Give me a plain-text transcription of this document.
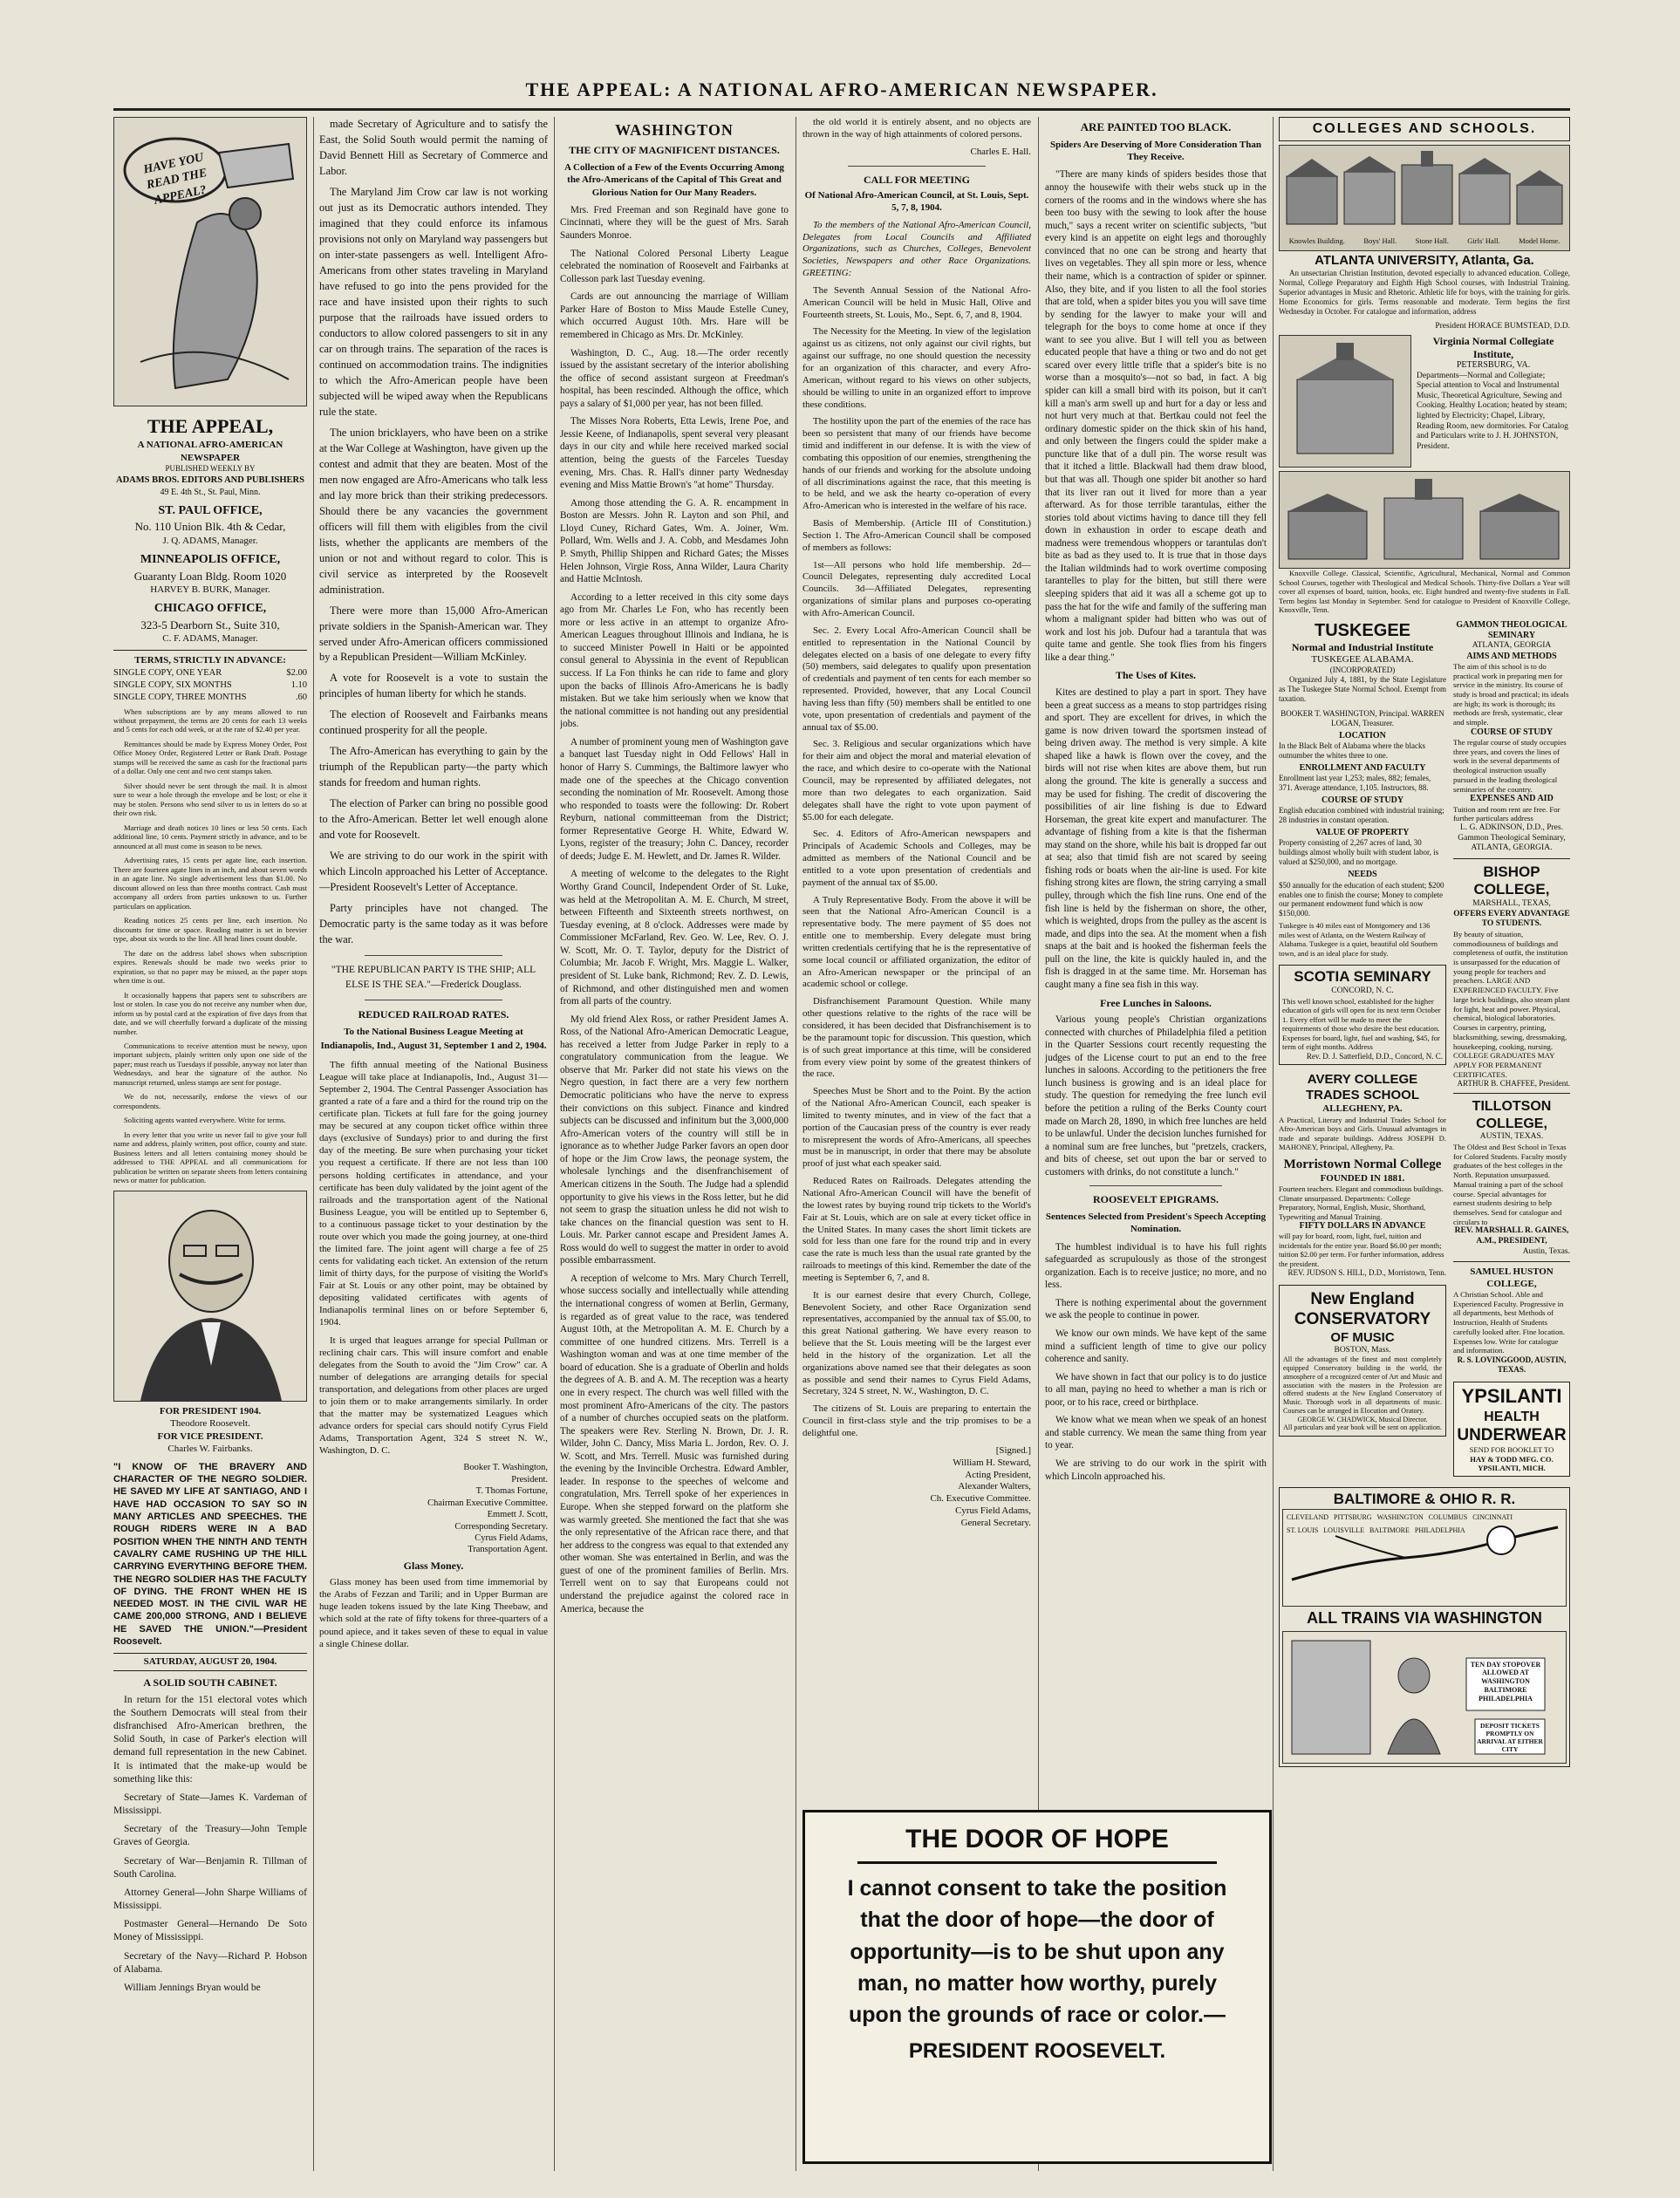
THE APPEAL: A NATIONAL AFRO-AMERICAN NEWSPAPER.
HAVE YOU READ THE APPEAL?
THE APPEAL,
A NATIONAL AFRO-AMERICAN NEWSPAPER
PUBLISHED WEEKLY BY
ADAMS BROS. EDITORS AND PUBLISHERS
49 E. 4th St., St. Paul, Minn.
ST. PAUL OFFICE,
No. 110 Union Blk. 4th & Cedar,
J. Q. ADAMS, Manager.
MINNEAPOLIS OFFICE,
Guaranty Loan Bldg. Room 1020
HARVEY B. BURK, Manager.
CHICAGO OFFICE,
323-5 Dearborn St., Suite 310,
C. F. ADAMS, Manager.
TERMS, STRICTLY IN ADVANCE:
SINGLE COPY, ONE YEAR	$2.00
SINGLE COPY, SIX MONTHS	1.10
SINGLE COPY, THREE MONTHS	.60

When subscriptions are by any means allowed to run without prepayment, the terms are 20 cents for each 13 weeks and 5 cents for each odd week, or at the rate of $2.40 per year.

Remittances should be made by Express Money Order, Post Office Money Order, Registered Letter or Bank Draft. Postage stamps will be received the same as cash for the fractional parts of a dollar. Only one cent and two cent stamps taken.

Silver should never be sent through the mail. It is almost sure to wear a hole through the envelope and be lost; or else it may be stolen. Persons who send silver to us in letters do so at their own risk.

Marriage and death notices 10 lines or less 50 cents. Each additional line, 10 cents. Payment strictly in advance, and to be announced at all must come in season to be news.

Advertising rates, 15 cents per agate line, each insertion. There are fourteen agate lines in an inch, and about seven words in an agate line. No single advertisement less than $1.00. No discount allowed on less than three months contract. Cash must accompany all orders from parties unknown to us. Further particulars on application.

Reading notices 25 cents per line, each insertion. No discounts for time or space. Reading matter is set in brevier type, about six words to the line. All head lines count double.

The date on the address label shows when subscription expires. Renewals should be made two weeks prior to expiration, so that no paper may be missed, as the paper stops when time is out.

It occasionally happens that papers sent to subscribers are lost or stolen. In case you do not receive any number when due, inform us by postal card at the expiration of five days from that date, and we will cheerfully forward a duplicate of the missing number.

Communications to receive attention must be newsy, upon important subjects, plainly written only upon one side of the paper; must reach us Tuesdays if possible, anyway not later than Wednesdays, and bear the signature of the author. No manuscript returned, unless stamps are sent for postage.

We do not, necessarily, endorse the views of our correspondents.

Soliciting agents wanted everywhere. Write for terms.

In every letter that you write us never fail to give your full name and address, plainly written, post office, county and state. Business letters and all letters containing money should be addressed to THE APPEAL and all communications for publication be written on separate sheets from letters containing news or matter for publication.

FOR PRESIDENT 1904.
Theodore Roosevelt.
FOR VICE PRESIDENT.
Charles W. Fairbanks.
"I KNOW OF THE BRAVERY AND CHARACTER OF THE NEGRO SOLDIER. HE SAVED MY LIFE AT SANTIAGO, AND I HAVE HAD OCCASION TO SAY SO IN MANY ARTICLES AND SPEECHES. THE ROUGH RIDERS WERE IN A BAD POSITION WHEN THE NINTH AND TENTH CAVALRY CAME RUSHING UP THE HILL CARRYING EVERYTHING BEFORE THEM. THE NEGRO SOLDIER HAS THE FACULTY OF DYING. THE FRONT WHEN HE IS NEEDED MOST. IN THE CIVIL WAR HE CAME 200,000 STRONG, AND I BELIEVE HE SAVED THE UNION."—President Roosevelt.
SATURDAY, AUGUST 20, 1904.
A SOLID SOUTH CABINET.

In return for the 151 electoral votes which the Southern Democrats will steal from their disfranchised Afro-American brethren, the Solid South, in case of Parker's election will demand full representation in the new Cabinet. It is intimated that the make-up would be something like this:

Secretary of State—James K. Vardeman of Mississippi.

Secretary of the Treasury—John Temple Graves of Georgia.

Secretary of War—Benjamin R. Tillman of South Carolina.

Attorney General—John Sharpe Williams of Mississippi.

Postmaster General—Hernando De Soto Money of Mississippi.

Secretary of the Navy—Richard P. Hobson of Alabama.

William Jennings Bryan would be

made Secretary of Agriculture and to satisfy the East, the Solid South would permit the naming of David Bennett Hill as Secretary of Commerce and Labor.

The Maryland Jim Crow car law is not working out just as its Democratic authors intended. They imagined that they could enforce its infamous provisions not only on Maryland way passengers but on inter-state passengers as well. Intelligent Afro-Americans from other states traveling in Maryland have refused to go into the pens provided for the race and have insisted upon their rights to such purpose that the railroads have issued orders to conductors to allow colored passengers to sit in any car on through trains. The separation of the races is continued on accommodation trains. The indignities to which the Afro-American people have been subjected will be wiped away when the Republicans rule the state.

The union bricklayers, who have been on a strike at the War College at Washington, have given up the contest and admit that they are beaten. Most of the men now engaged are Afro-Americans who talk less and lay more brick than their striking predecessors. Should there be any vacancies the government officers will fill them with eligibles from the civil lists, whether the applicants are members of the union or not and without regard to color. This is civil service as interpreted by the Roosevelt administration.

There were more than 15,000 Afro-American private soldiers in the Spanish-American war. They served under Afro-American officers commissioned by a Republican President—William McKinley.

A vote for Roosevelt is a vote to sustain the principles of human liberty for which he stands.

The election of Roosevelt and Fairbanks means continued prosperity for all the people.

The Afro-American has everything to gain by the triumph of the Republican party—the party which stands for freedom and human rights.

The election of Parker can bring no possible good to the Afro-American. Better let well enough alone and vote for Roosevelt.

We are striving to do our work in the spirit with which Lincoln approached his Letter of Acceptance.—President Roosevelt's Letter of Acceptance.

Party principles have not changed. The Democratic party is the same today as it was before the war.

"THE REPUBLICAN PARTY IS THE SHIP; ALL ELSE IS THE SEA."—Frederick Douglass.

REDUCED RAILROAD RATES.
To the National Business League Meeting at Indianapolis, Ind., August 31, September 1 and 2, 1904.

The fifth annual meeting of the National Business League will take place at Indianapolis, Ind., August 31—September 2, 1904. The Central Passenger Association has granted a rate of a fare and a third for the round trip on the certificate plan. Tickets at full fare for the going journey may be secured at any coupon ticket office within three days (exclusive of Sundays) prior to and during the first day of the meeting. Be sure when purchasing your ticket you request a certificate. If there are not less than 100 persons holding certificates in attendance, and your certificate has been duly validated by the joint agent of the railroads and the transportation agent of the National Business League, you will be entitled up to September 6, to a continuous passage ticket to your destination by the route over which you made the going journey, at one-third the limited fare. The joint agent will charge a fee of 25 cents for validating each ticket. An extension of the return limit of thirty days, for the purpose of visiting the World's Fair at St. Louis or any other point, may be obtained by depositing validated certificates with agents of Indianapolis terminal lines on or before September 6, 1904.

It is urged that leagues arrange for special Pullman or reclining chair cars. This will insure comfort and enable delegates from the South to avoid the "Jim Crow" car. A number of delegations are arranging details for special transportation, and delegations from other places are urged to join them or to make arrangements similarly. In order that the matter may be systematized Leagues which advance orders for special cars should notify Cyrus Field Adams, Transportation Agent, 324 S street N. W., Washington, D. C.

Booker T. Washington,
President.
T. Thomas Fortune,
Chairman Executive Committee.
Emmett J. Scott,
Corresponding Secretary.
Cyrus Field Adams,
Transportation Agent.
Glass Money.

Glass money has been used from time immemorial by the Arabs of Fezzan and Tarili; and in Upper Burman are huge leaden tokens issued by the late King Theebaw, and which sold at the rate of fifty tokens for three-quarters of a pound apiece, and it takes seven of these to equal in value a single Chinese dollar.

WASHINGTON
THE CITY OF MAGNIFICENT DISTANCES.
A Collection of a Few of the Events Occurring Among the Afro-Americans of the Capital of This Great and Glorious Nation for Our Many Readers.

Mrs. Fred Freeman and son Reginald have gone to Cincinnati, where they will be the guest of Mrs. Sarah Saunders Monroe.

The National Colored Personal Liberty League celebrated the nomination of Roosevelt and Fairbanks at Collesson park last Tuesday evening.

Cards are out announcing the marriage of William Parker Hare of Boston to Miss Maude Estelle Cuney, which occurred August 10th. Mrs. Hare will be remembered in Chicago as Mrs. Dr. McKinley.

Washington, D. C., Aug. 18.—The order recently issued by the assistant secretary of the interior abolishing the office of second assistant surgeon at Freedman's hospital, has been rescinded. Although the office, which pays a salary of $1,000 per year, has not been filled.

The Misses Nora Roberts, Etta Lewis, Irene Poe, and Jessie Keene, of Indianapolis, spent several very pleasant days in our city and while here received marked social attention, being the guests of the Farceles Tuesday evening, Mrs. Chas. R. Hall's dinner party Wednesday evening and Miss Mattie Brown's "at home" Thursday.

Among those attending the G. A. R. encampment in Boston are Messrs. John R. Layton and son Phil, and Lloyd Cuney, Richard Gates, Wm. A. Joiner, Wm. Pollard, Wm. Wells and J. A. Cobb, and Mesdames John P. Smyth, Phillip Shippen and Richard Gates; the Misses Helen Johnson, Virgie Ross, Anna Wilder, Laura Charity and Hattie McIntosh.

According to a letter received in this city some days ago from Mr. Charles Le Fon, who has recently been more or less active in an attempt to organize Afro-American Leagues throughout Illinois and Indiana, he is to succeed Minister Powell in Haiti or be appointed consul general to Abyssinia in the event of Republican success. If La Fon thinks he can ride to fame and glory upon the backs of Illinois Afro-Americans he is badly mistaken. But we take him seriously when we know that the national committee is not handing out any presidential jobs.

A number of prominent young men of Washington gave a banquet last Tuesday night in Odd Fellows' Hall in honor of Harry S. Cummings, the Baltimore lawyer who made one of the speeches at the Chicago convention seconding the nomination of Mr. Roosevelt. Among those who responded to toasts were the following: Dr. Robert Reyburn, national committeeman from the District; former Representative George H. White, Edward W. Lyons, register of the treasury; John C. Dancey, recorder of deeds; Judge E. M. Hewlett, and Dr. James R. Wilder.

A meeting of welcome to the delegates to the Right Worthy Grand Council, Independent Order of St. Luke, was held at the Metropolitan A. M. E. Church, M street, between Fifteenth and Sixteenth streets northwest, on Tuesday evening, at 8 o'clock. Addresses were made by Commissioner McFarland, Rev. Geo. W. Lee, Rev. O. J. W. Scott, Mr. O. T. Taylor, deputy for the District of Columbia; Mr. Jacob F. Wright, Mrs. Maggie L. Walker, president of St. Luke bank, Richmond; Rev. Z. D. Lewis, of Richmond, and other distinguished men and women from all parts of the country.

My old friend Alex Ross, or rather President James A. Ross, of the National Afro-American Democratic League, has received a letter from Judge Parker in reply to a congratulatory communication from the league. We observe that Mr. Parker did not state his views on the Negro question, in fact there are a very few northern Democratic politicians who have the nerve to express their convictions on this subject. Finance and kindred subjects can be discussed and infinitum but the 3,000,000 Afro-American voters of the country will still be in ignorance as to whether Judge Parker favors an open door of hope or the Jim Crow laws, the peonage system, the wholesale lynchings and the disenfranchisement of American citizens in the South. The Judge had a splendid opportunity to give his views in the Ross letter, but he did not seem to grasp the situation unless he did not wish to take chances on the financial question was sent to H. Louis. Mr. Parker cannot escape and President James A. Ross would do well to suggest the matter in order to avoid possible embarrassment.

A reception of welcome to Mrs. Mary Church Terrell, whose success socially and intellectually while attending the international congress of women at Berlin, Germany, is regarded as of great value to the race, was tendered August 10th, at the Metropolitan A. M. E. Church by a committee of one hundred citizens. Mrs. Terrell is a Washington woman and was at one time member of the board of education. She is a graduate of Oberlin and holds the degrees of A. B. and A. M. The reception was a hearty one in every respect. The church was well filled with the most prominent Afro-Americans of the city. The pastors of a number of churches occupied seats on the platform. The speakers were Rev. Sterling N. Brown, Dr. J. R. Wilder, John C. Dancy, Miss Maria L. Jordon, Rev. O. J. W. Scott, and Mrs. Terrell. Music was furnished during the evening by the Invincible Orchestra. Edward Ambler, leader. In response to the speeches of welcome and congratulation, Mrs. Terrell spoke of her experiences in Europe. When she stepped forward on the platform she was warmly greeted. She mentioned the fact that she was the only representative of the African race there, and that her address to the congress was equal to that extended any other woman. She was entertained in Berlin, and was the guest of one of the prominent families of Berlin. Mrs. Terrell went on to say that Europeans could not understand the prejudice against the colored race in America, because the

the old world it is entirely absent, and no objects are thrown in the way of high attainments of colored persons.

Charles E. Hall.
CALL FOR MEETING
Of National Afro-American Council, at St. Louis, Sept. 5, 7, 8, 1904.

To the members of the National Afro-American Council, Delegates from Local Councils and Affiliated Organizations, such as Churches, Colleges, Benevolent Societies, Newspapers and other Race Organizations. GREETING:

The Seventh Annual Session of the National Afro-American Council will be held in Music Hall, Olive and Fourteenth streets, St. Louis, Mo., Sept. 6, 7, and 8, 1904.

The Necessity for the Meeting. In view of the legislation against us as citizens, not only against our civil rights, but against our suffrage, no one should question the necessity for an organization of this character, and every Afro-American, without regard to his views on other subjects, should be willing to unite in an organized effort to improve these conditions.

The hostility upon the part of the enemies of the race has been so persistent that many of our friends have become timid and indifferent in our defense. It is with the view of combating this opposition of our enemies, strengthening the hands of our friends and working for the absolute undoing of all discriminations against the race, that this meeting is to be held, and we ask the hearty co-operation of every Afro-American who is interested in the welfare of his race.

Basis of Membership. (Article III of Constitution.) Section 1. The Afro-American Council shall be composed of members as follows:

1st—All persons who hold life membership. 2d—Council Delegates, representing duly accredited Local Councils. 3d—Affiliated Delegates, representing organizations of similar plans and purposes co-operating with Afro-American Council.

Sec. 2. Every Local Afro-American Council shall be entitled to representation in the National Council by delegates elected on a basis of one delegate to every fifty (50) members, said delegates to qualify upon presentation of credentials and payment of ten cents for each member so represented. Provided, however, that any Local Council having less than fifty (50) members shall be entitled to one vote, upon presentation of credentials and payment of the annual tax of $5.00.

Sec. 3. Religious and secular organizations which have for their aim and object the moral and material elevation of the race, and which desire to co-operate with the National Council, may be represented by affiliated delegates, not more than two delegates to each organization. Said delegates shall have the right to vote upon payment of $5.00 for each delegate.

Sec. 4. Editors of Afro-American newspapers and Principals of Academic Schools and Colleges, may be admitted as members of the National Council and be entitled to a vote upon presentation of credentials and payment of the annual tax of $5.00.

A Truly Representative Body. From the above it will be seen that the National Afro-American Council is a representative body. The mere payment of $5 does not entitle one to membership. Every delegate must bring written credentials certifying that he is the representative of some local council or affiliated organization, the editor of an Afro-American newspaper or the principal of an academic school or college.

Disfranchisement Paramount Question. While many other questions relative to the rights of the race will be considered, it has been decided that Disfranchisement is to be the paramount topic for discussion. This question, which is of such great importance at this time, will be considered from every view point by some of the greatest thinkers of the race.

Speeches Must be Short and to the Point. By the action of the National Afro-American Council, each speaker is limited to twenty minutes, and in view of the fact that a portion of the Caucasian press of the country is ever ready to misrepresent the words of Afro-Americans, all speeches must be in manuscript, in order that there may be absolute proof of just what each speaker said.

Reduced Rates on Railroads. Delegates attending the National Afro-American Council will have the benefit of the lowest rates by buying round trip tickets to the World's Fair at St. Louis, which are on sale at every ticket office in the United States. In many cases the short limit tickets are sold for less than one fare for the round trip and in every case the rate is much less than the usual rate granted by the railroads to meetings of this kind. Remember the date of the meeting is September 6, 7, and 8.

It is our earnest desire that every Church, College, Benevolent Society, and other Race Organization send representatives, accompanied by the annual tax of $5.00, to this great National gathering. We have every reason to believe that the St. Louis meeting will be the largest ever held in the history of the organization. Let all the organizations above named see that their delegates as soon as possible and send their names to Cyrus Field Adams, Secretary, 324 S street, N. W., Washington, D. C.

The citizens of St. Louis are preparing to entertain the Council in first-class style and the trip promises to be a delightful one.

[Signed.]
William H. Steward,
Acting President,
Alexander Walters,
Ch. Executive Committee.
Cyrus Field Adams,
General Secretary.
ARE PAINTED TOO BLACK.
Spiders Are Deserving of More Consideration Than They Receive.

"There are many kinds of spiders besides those that annoy the housewife with their webs stuck up in the corners of the rooms and in the windows where she has been too busy with the sewing to look after the house much," says a recent writer on scientific subjects, "but every kind is an appetite on eight legs and thoroughly convinced that no one can be strong and hearty that lives on vegetables. They all spin more or less, whence their name, which is a contraction of spider or spinner. Also, they bite, and if you listen to all the fool stories that are told, when a spider bites you you will save time by sending for the lawyer to make your will and telegraph for the boys to come home at once if they want to see you alive. But I will tell you as between educated people that have a thing or two and do not get scared over every little trifle that a spider's bite is no worse than a mosquito's—not so bad, in fact. A big spider can kill a small bird with its poison, but it can't kill a man's arm swell up and hurt for a day or less and not hurt very much at that. Bertkau could not feel the ordinary domestic spider on the thick skin of his hand, and only between the fingers could the spider make a puncture like that of a dull pin. The worse result was that it itched a little. Blackwall had them draw blood, but that was all. Though one spider bit another so hard that its liver ran out it lived for more than a year afterward. As for those terrible tarantulas, either the stories told about victims having to dance till they fell down in exhaustion in order to escape death and madness were tremendous whoppers or tarantulas don't bite as bad as they used to. It is true that in those days the Italian wildminds had to work overtime composing tarantelles to play for the bitten, but still there were sleeping spiders that aid it was all a scheme got up to pass the hat for the wife and family of the suffering man whom a malignant spider had bitten who was out of work and lost his job. Dufour had a tarantula that was quite tame and gentle. She took flies from his fingers like a dear thing."

The Uses of Kites.

Kites are destined to play a part in sport. They have been a great success as a means to stop partridges rising and sport. They are excellent for drives, in which the game is now driven toward the sportsmen instead of being driven away. The method is very simple. A kite shaped like a hawk is flown over the covey, and the birds will not rise when kites are above them, but run along the ground. The kite is generally a success and may be used for fishing. The credit of discovering the possibilities of air line fishing is due to Edward Horseman, the great kite expert and manufacturer. The advantage of fishing from a kite is that the fisherman may stand on the shore, while his bait is dropped far out at sea; also that timid fish are not scared by seeing fishing rods or boats when the air-line is used. For kite fishing strong kites are flown, the string carrying a small pulley, through which the fish line runs. One end of the fish line is held by the fisherman on shore, the other, which is weighted, drops from the pulley as the ascent is made, and dips into the sea. At the moment when a fish snaps at the bait and is hooked the fisherman feels the pull on the line, the kite is quickly hauled in, and the fish is dragged in at the same time. Mr. Horseman has caught many a fine sea fish in this way.

Free Lunches in Saloons.

Various young people's Christian organizations connected with churches of Philadelphia filed a petition in the Quarter Sessions court recently requesting the judges of the License court to put an end to the free lunches in saloons. According to the petitioners the free lunch business is growing and is an ideal place for study. The question for remedying the free lunch evil before the petition a ruling of the Berks County court made on March 28, 1890, in which free lunches are held to be unlawful. Under the decision lunches furnished for a nominal sum are free lunches, but "pretzels, crackers, and bits of cheese, set out upon the bar or served to customers with drinks, do not constitute a lunch."

ROOSEVELT EPIGRAMS.
Sentences Selected from President's Speech Accepting Nomination.

The humblest individual is to have his full rights safeguarded as scrupulously as those of the strongest organization. Each is to receive justice; no more, and no less.

There is nothing experimental about the government we ask the people to continue in power.

We know our own minds. We have kept of the same mind a sufficient length of time to give our policy coherence and sanity.

We have shown in fact that our policy is to do justice to all man, paying no heed to whether a man is rich or poor, or to his race, creed or birthplace.

We know what we mean when we speak of an honest and stable currency. We mean the same thing from year to year.

We are striving to do our work in the spirit with which Lincoln approached his.

THE DOOR OF HOPE
I cannot consent to take the position that the door of hope—the door of opportunity—is to be shut upon any man, no matter how worthy, purely upon the grounds of race or color.—
PRESIDENT ROOSEVELT.
COLLEGES AND SCHOOLS.
Knowles Building.	Boys' Hall.	Stone Hall.	Girls' Hall.	Model Home.
ATLANTA UNIVERSITY, Atlanta, Ga.

An unsectarian Christian Institution, devoted especially to advanced education. College, Normal, College Preparatory and Eighth High School courses, with Industrial Training. Superior advantages in Music and Rhetoric. Athletic life for boys, with the training for girls. Home Economics for girls. Terms reasonable and moderate. Term begins the first Wednesday in October. For catalogue and information, address

President HORACE BUMSTEAD, D.D.
Virginia Normal Collegiate Institute,
PETERSBURG, VA.
Departments—Normal and Collegiate; Special attention to Vocal and Instrumental Music, Theoretical Agriculture, Sewing and Cooking. Healthy Location; heated by steam; lighted by Electricity; Chapel, Library, Reading Room, new dormitories. For Catalog and Particulars write to J. H. JOHNSTON, President.

Knoxville College. Classical, Scientific, Agricultural, Mechanical, Normal and Common School Courses, together with Theological and Medical Schools. Thirty-five Dollars a Year will cover all expenses of board, tuition, books, etc. Eight hundred and twenty-five students in Fall. Term begins last Monday in September. Send for catalogue to President of Knoxville College, Knoxville, Tenn.

TUSKEGEE
Normal and Industrial Institute
TUSKEGEE ALABAMA.
(INCORPORATED)

Organized July 4, 1881, by the State Legislature as The Tuskegee State Normal School. Exempt from taxation.

BOOKER T. WASHINGTON, Principal. WARREN LOGAN, Treasurer.
LOCATION
In the Black Belt of Alabama where the blacks outnumber the whites three to one.
ENROLLMENT AND FACULTY
Enrollment last year 1,253; males, 882; females, 371. Average attendance, 1,105. Instructors, 88.
COURSE OF STUDY
English education combined with industrial training; 28 industries in constant operation.
VALUE OF PROPERTY
Property consisting of 2,267 acres of land, 30 buildings almost wholly built with student labor, is valued at $250,000, and no mortgage.
NEEDS
$50 annually for the education of each student; $200 enables one to finish the course; Money to complete our permanent endowment fund which is now $150,000.
Tuskegee is 40 miles east of Montgomery and 136 miles west of Atlanta, on the Western Railway of Alabama. Tuskegee is a quiet, beautiful old Southern town, and is an ideal place for study.
SCOTIA SEMINARY
CONCORD, N. C.
This well known school, established for the higher education of girls will open for its next term October 1. Every effort will be made to meet the requirements of those who desire the best education. Expenses for board, light, fuel and washing, $45, for term of eight months. Address
Rev. D. J. Satterfield, D.D., Concord, N. C.
AVERY COLLEGE
TRADES SCHOOL
ALLEGHENY, PA.
A Practical, Literary and Industrial Trades School for Afro-American boys and Girls. Unusual advantages in trade and separate buildings. Address JOSEPH D. MAHONEY, Principal, Allegheny, Pa.
Morristown Normal College
FOUNDED IN 1881.
Fourteen teachers. Elegant and commodious buildings. Climate unsurpassed. Departments: College Preparatory, Normal, English, Music, Shorthand, Typewriting and Manual Training.
FIFTY DOLLARS IN ADVANCE
will pay for board, room, light, fuel, tuition and incidentals for the entire year. Board $6.00 per month; tuition $2.00 per term. For further information, address the president.
REV. JUDSON S. HILL, D.D., Morristown, Tenn.
New England
CONSERVATORY
OF MUSIC
BOSTON, Mass.
All the advantages of the finest and most completely equipped Conservatory building in the world, the atmosphere of a recognized center of Art and Music and association with the masters in the Profession are offered students at the New England Conservatory of Music. Thorough work in all departments of music. Courses can be arranged in Elocution and Oratory.
GEORGE W. CHADWICK, Musical Director.
All particulars and year book will be sent on application.
GAMMON THEOLOGICAL SEMINARY
ATLANTA, GEORGIA
AIMS AND METHODS
The aim of this school is to do practical work in preparing men for service in the ministry. Its course of study is broad and practical; its ideals are high; its work is thorough; its methods are fresh, systematic, clear and simple.
COURSE OF STUDY
The regular course of study occupies three years, and covers the lines of work in the several departments of theological instruction usually pursued in the leading theological seminaries of the country.
EXPENSES AND AID
Tuition and room rent are free. For further particulars address
L. G. ADKINSON, D.D., Pres. Gammon Theological Seminary, ATLANTA, GEORGIA.
BISHOP COLLEGE,
MARSHALL, TEXAS,
OFFERS EVERY ADVANTAGE TO STUDENTS.
By beauty of situation, commodiousness of buildings and completeness of outfit, the institution is unsurpassed for the education of young people for teachers and preachers. LARGE AND EXPERIENCED FACULTY. Five large brick buildings, also steam plant for light, heat and power. Physical, chemical, biological laboratories. Courses in carpentry, printing, blacksmithing, sewing, dressmaking, housekeeping, cooking, nursing. COLLEGE GRADUATES MAY APPLY FOR PERMANENT CERTIFICATES.
ARTHUR B. CHAFFEE, President.
TILLOTSON COLLEGE,
AUSTIN, TEXAS.
The Oldest and Best School in Texas for Colored Students. Faculty mostly graduates of the best colleges in the North. Reputation unsurpassed. Manual training a part of the school course. Special advantages for earnest students desiring to help themselves. Send for catalogue and circulars to
REV. MARSHALL R. GAINES, A.M., PRESIDENT,
Austin, Texas.
SAMUEL HUSTON COLLEGE,
A Christian School. Able and Experienced Faculty. Progressive in all departments, best Methods of Instruction, Health of Students carefully looked after. Fine location. Expenses low. Write for catalogue and information.
R. S. LOVINGGOOD, AUSTIN, TEXAS.
YPSILANTI
HEALTH
UNDERWEAR
SEND FOR BOOKLET TO
HAY & TODD MFG. CO. YPSILANTI, MICH.
BALTIMORE & OHIO R. R.
CLEVELAND PITTSBURG WASHINGTON COLUMBUS CINCINNATI
ST. LOUIS LOUISVILLE BALTIMORE PHILADELPHIA
ALL TRAINS VIA WASHINGTON
TEN DAY STOPOVER ALLOWED AT WASHINGTON BALTIMORE PHILADELPHIA
DEPOSIT TICKETS PROMPTLY ON ARRIVAL AT EITHER CITY
